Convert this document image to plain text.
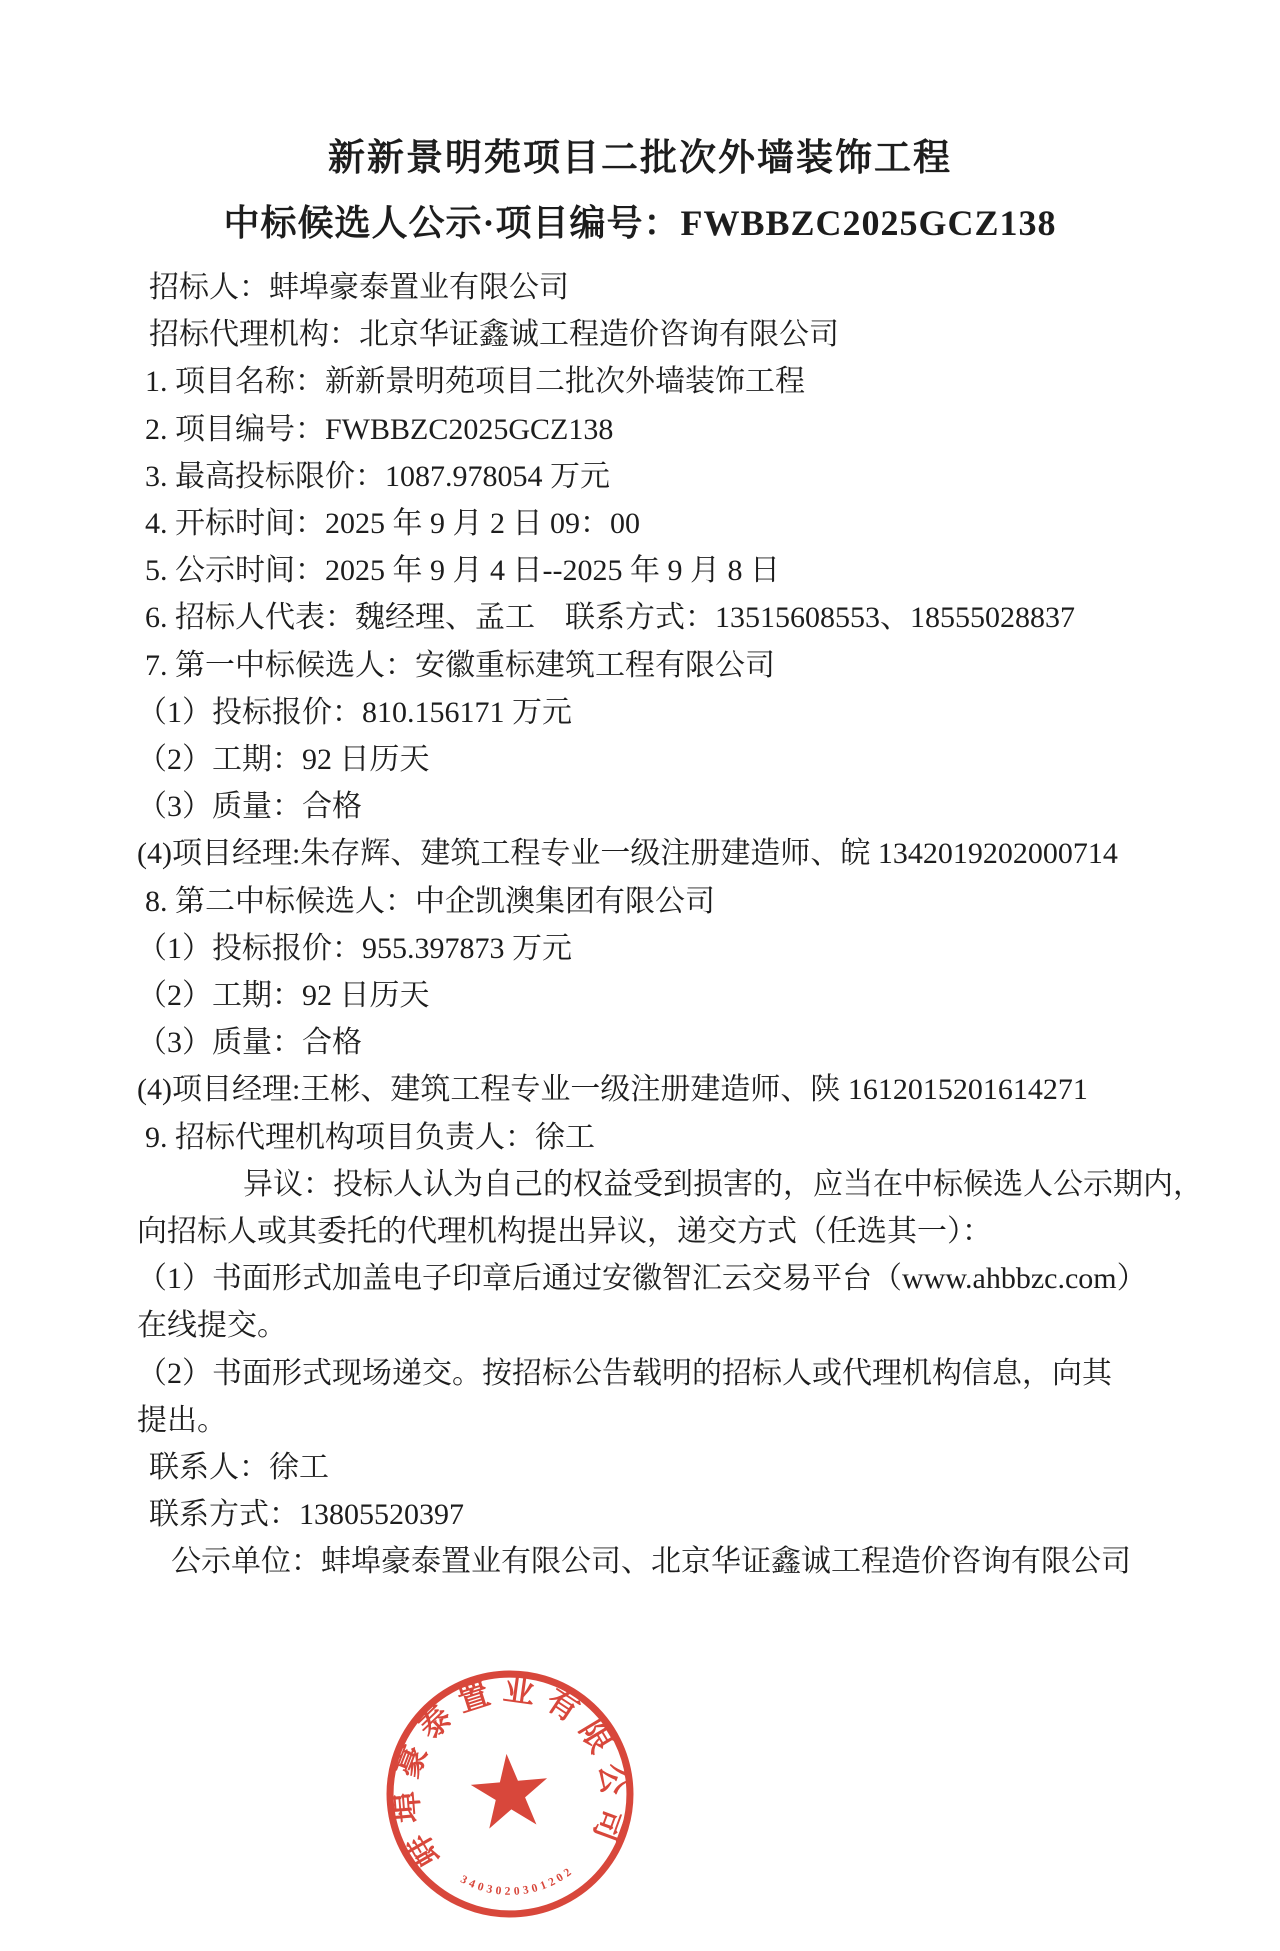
新新景明苑项目二批次外墙装饰工程
中标候选人公示·项目编号：FWBBZC2025GCZ138

招标人：蚌埠豪泰置业有限公司

招标代理机构：北京华证鑫诚工程造价咨询有限公司

1. 项目名称：新新景明苑项目二批次外墙装饰工程

2. 项目编号：FWBBZC2025GCZ138

3. 最高投标限价：1087.978054 万元

4. 开标时间：2025 年 9 月 2 日 09：00

5. 公示时间：2025 年 9 月 4 日--2025 年 9 月 8 日

6. 招标人代表：魏经理、孟工　联系方式：13515608553、18555028837

7. 第一中标候选人：安徽重标建筑工程有限公司

（1）投标报价：810.156171 万元

（2）工期：92 日历天

（3）质量：合格

(4)项目经理:朱存辉、建筑工程专业一级注册建造师、皖 1342019202000714

8. 第二中标候选人：中企凯澳集团有限公司

（1）投标报价：955.397873 万元

（2）工期：92 日历天

（3）质量：合格

(4)项目经理:王彬、建筑工程专业一级注册建造师、陕 1612015201614271

9. 招标代理机构项目负责人：徐工

异议：投标人认为自己的权益受到损害的，应当在中标候选人公示期内，

向招标人或其委托的代理机构提出异议，递交方式（任选其一）：

（1）书面形式加盖电子印章后通过安徽智汇云交易平台（www.ahbbzc.com）

在线提交。

（2）书面形式现场递交。按招标公告载明的招标人或代理机构信息，向其

提出。

联系人：徐工

联系方式：13805520397

公示单位：蚌埠豪泰置业有限公司、北京华证鑫诚工程造价咨询有限公司

蚌埠豪泰置业有限公司
3403020301202
